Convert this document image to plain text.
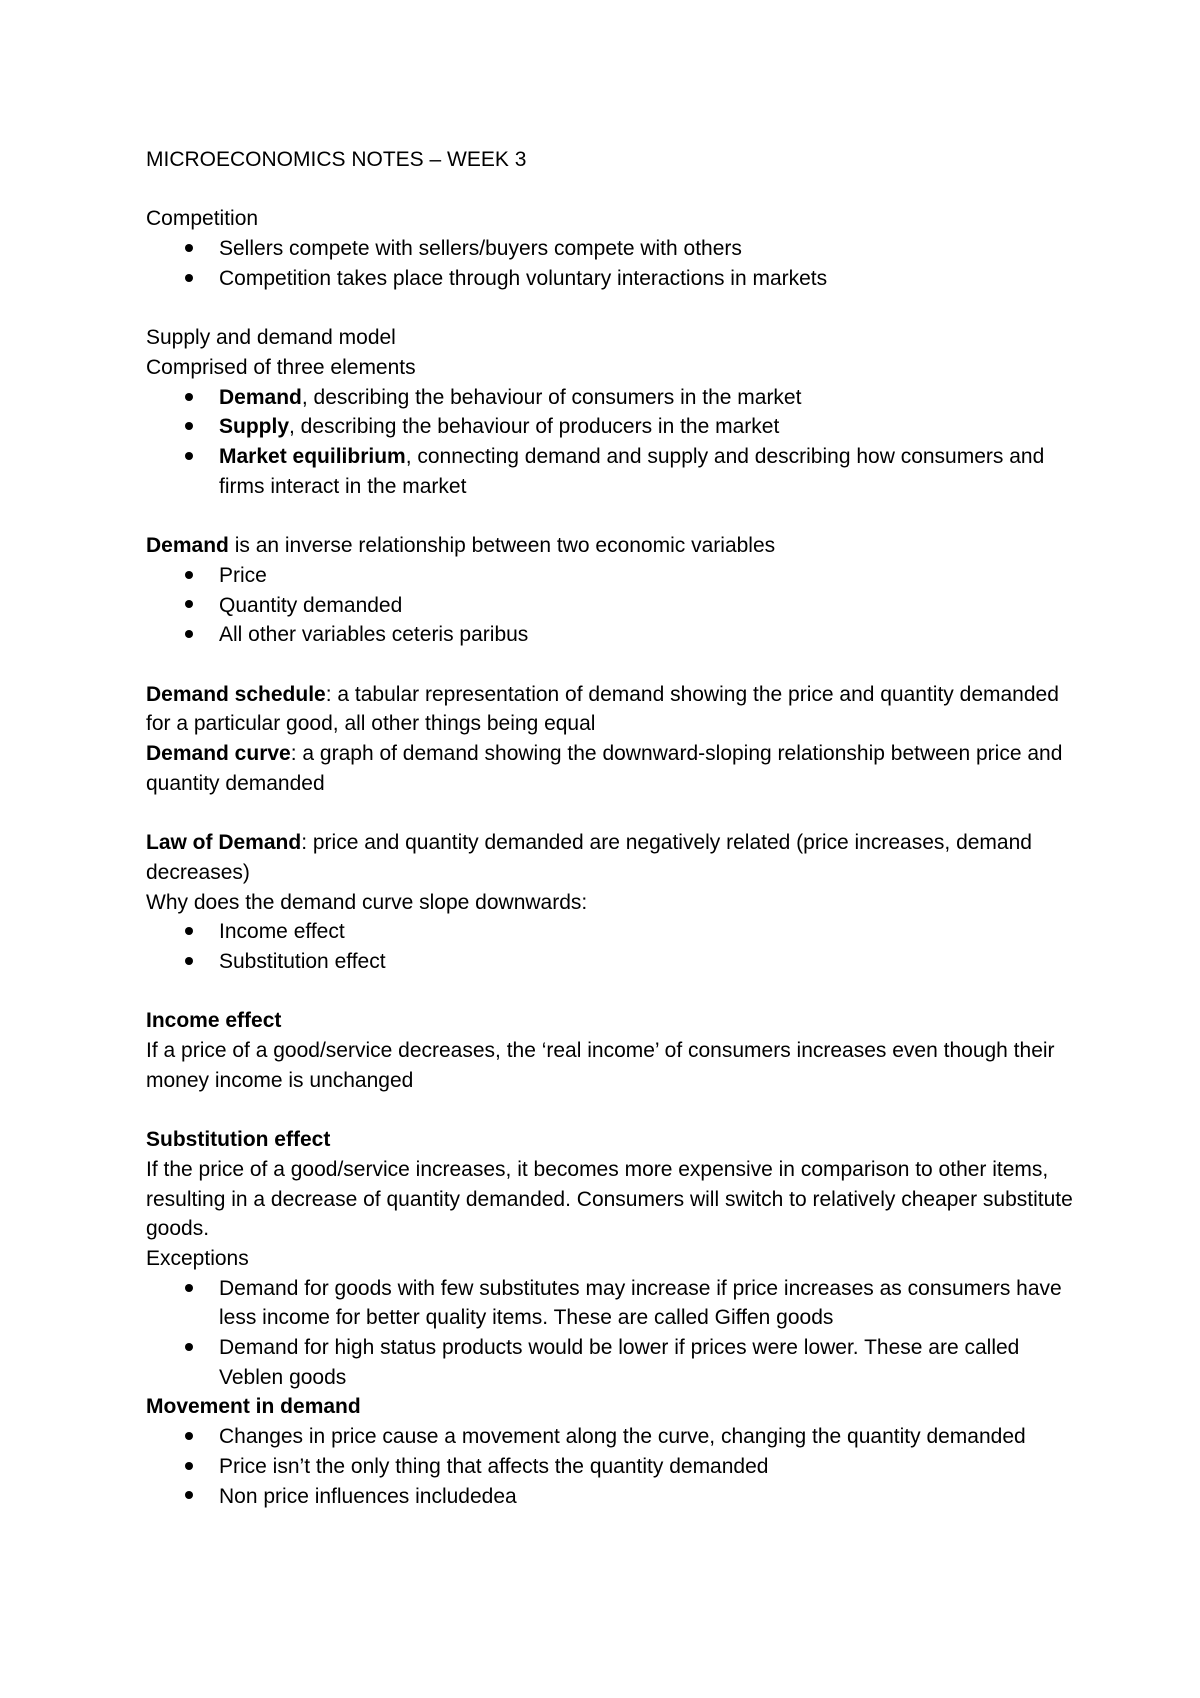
MICROECONOMICS NOTES – WEEK 3

Competition

Sellers compete with sellers/buyers compete with others
Competition takes place through voluntary interactions in markets

Supply and demand model

Comprised of three elements

Demand, describing the behaviour of consumers in the market
Supply, describing the behaviour of producers in the market
Market equilibrium, connecting demand and supply and describing how consumers and firms interact in the market

Demand is an inverse relationship between two economic variables

Price
Quantity demanded
All other variables ceteris paribus

Demand schedule: a tabular representation of demand showing the price and quantity demanded for a particular good, all other things being equal

Demand curve: a graph of demand showing the downward-sloping relationship between price and quantity demanded

Law of Demand: price and quantity demanded are negatively related (price increases, demand decreases)

Why does the demand curve slope downwards:

Income effect
Substitution effect

Income effect

If a price of a good/service decreases, the ‘real income’ of consumers increases even though their money income is unchanged

Substitution effect

If the price of a good/service increases, it becomes more expensive in comparison to other items, resulting in a decrease of quantity demanded. Consumers will switch to relatively cheaper substitute goods.

Exceptions

Demand for goods with few substitutes may increase if price increases as consumers have less income for better quality items. These are called Giffen goods
Demand for high status products would be lower if prices were lower. These are called Veblen goods

Movement in demand

Changes in price cause a movement along the curve, changing the quantity demanded
Price isn’t the only thing that affects the quantity demanded
Non price influences includedea
